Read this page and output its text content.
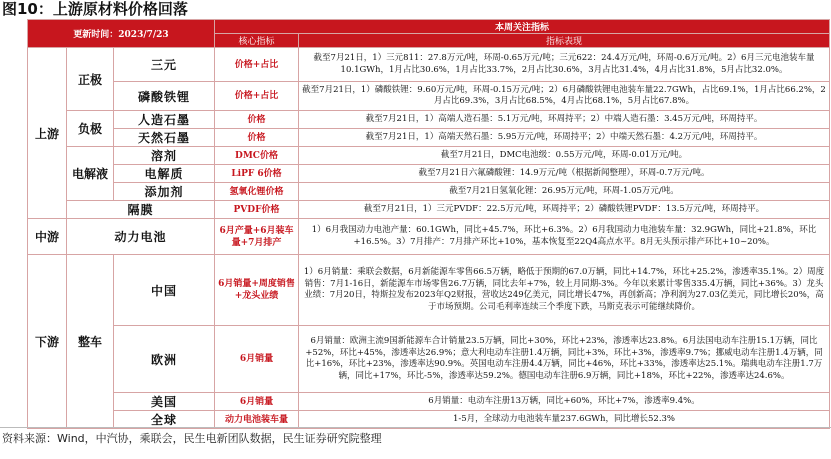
图10：上游原材料价格回落
更新时间：2023/7/23			本周关注指标	
			核心指标	指标表现
上游	正极	三元	价格+占比	截至7月21日，1）三元811：27.8万元/吨，环周-0.65万元/吨；三元622：24.4万元/吨，环周-0.6万元/吨。2）6月三元电池装车量10.1GWh，1月占比30.6%，1月占比33.7%，2月占比30.6%，3月占比31.4%，4月占比31.8%，5月占比32.0%。
		磷酸铁锂	价格+占比	截至7月21日，1）磷酸铁锂：9.60万元/吨，环周-0.15万元/吨；2）6月磷酸铁锂电池装车量22.7GWh，占比69.1%，1月占比66.2%，2月占比69.3%，3月占比68.5%，4月占比68.1%，5月占比67.8%。
	负极	人造石墨	价格	截至7月21日，1）高端人造石墨：5.1万元/吨，环周持平；2）中端人造石墨：3.45万元/吨，环周持平。
		天然石墨	价格	截至7月21日，1）高端天然石墨：5.95万元/吨，环周持平；2）中端天然石墨：4.2万元/吨，环周持平。
	电解液	溶剂	DMC价格	截至7月21日，DMC电池级：0.55万元/吨，环周-0.01万元/吨。
		电解质	LiPF 6价格	截至7月21日六氟磷酸锂：14.9万元/吨（根据新闻整理），环周-0.7万元/吨。
		添加剂	氢氧化锂价格	截至7月21日氢氧化锂：26.95万元/吨，环周-1.05万元/吨。
	隔膜		PVDF价格	截至7月21日，1）三元PVDF：22.5万元/吨，环周持平；2）磷酸铁锂PVDF：13.5万元/吨，环周持平。
中游	动力电池		6月产量+6月装车量+7月排产	1）6月我国动力电池产量：60.1GWh，同比+45.7%，环比+6.3%。2）6月我国动力电池装车量：32.9GWh，同比+21.8%，环比+16.5%。3）7月排产：7月排产环比+10%，基本恢复至22Q4高点水平。8月无头预示排产环比+10~20%。
下游	整车	中国	6月销量+周度销售+龙头业绩	1）6月销量：乘联会数据，6月新能源车零售66.5万辆，略低于预期的67.0万辆，同比+14.7%，环比+25.2%，渗透率35.1%。2）周度销售：7月1-16日，新能源车市场零售26.7万辆，同比去年+7%，较上月同期-3%。今年以来累计零售335.4万辆，同比+36%。3）龙头业绩：7月20日，特斯拉发布2023年Q2财报，营收达249亿美元，同比增长47%，再创新高；净利润为27.03亿美元，同比增长20%，高于市场预期。公司毛利率连续三个季度下跌，马斯克表示可能继续降价。
		欧洲	6月销量	6月销量：欧洲主流9国新能源车合计销量23.5万辆，同比+30%，环比+23%，渗透率达23.8%。6月法国电动车注册15.1万辆，同比+52%，环比+45%，渗透率达26.9%；意大利电动车注册1.4万辆，同比+3%，环比+3%，渗透率9.7%；挪威电动车注册1.4万辆，同比+16%，环比+23%，渗透率达90.9%。英国电动车注册4.4万辆，同比+46%，环比+33%，渗透率达25.1%。瑞典电动车注册1.7万辆，同比+17%，环比-5%，渗透率达59.2%。德国电动车注册6.9万辆，同比+18%，环比+22%，渗透率达24.6%。
		美国	6月销量	6月销量：电动车注册13万辆，同比+60%，环比+7%，渗透率9.4%。
		全球	动力电池装车量	1-5月，全球动力电池装车量237.6GWh，同比增长52.3%
资料来源：Wind，中汽协，乘联会，民生电新团队数据，民生证券研究院整理
